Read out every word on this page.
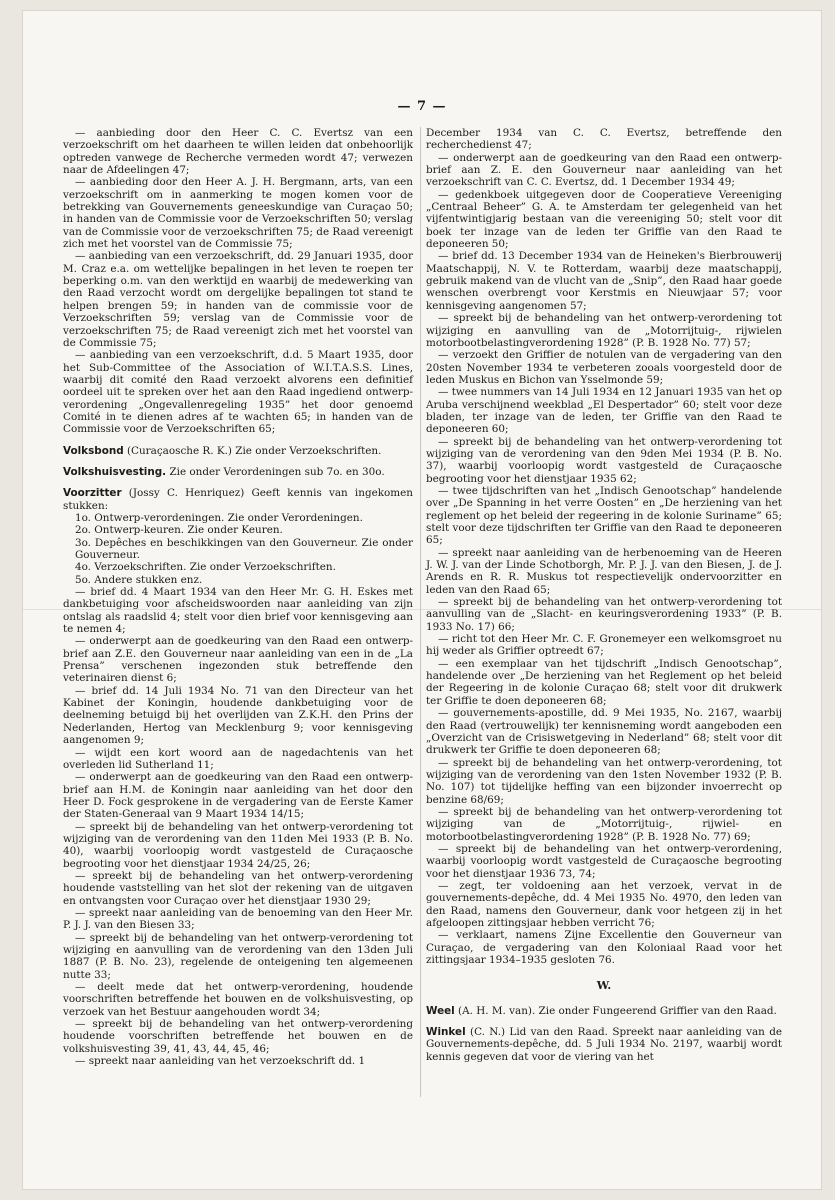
— 7 —

— aanbieding door den Heer C. C. Evertsz van een verzoekschrift om het daarheen te willen leiden dat onbehoorlijk optreden vanwege de Recherche vermeden wordt 47; verwezen naar de Afdeelingen 47;

— aanbieding door den Heer A. J. H. Bergmann, arts, van een verzoekschrift om in aanmerking te mogen komen voor de betrekking van Gouvernements geneeskundige van Curaçao 50; in handen van de Commissie voor de Verzoekschriften 50; verslag van de Commissie voor de verzoekschriften 75; de Raad vereenigt zich met het voorstel van de Commissie 75;

— aanbieding van een verzoekschrift, dd. 29 Januari 1935, door M. Craz e.a. om wettelijke bepalingen in het leven te roepen ter beperking o.m. van den werktijd en waarbij de medewerking van den Raad verzocht wordt om dergelijke bepalingen tot stand te helpen brengen 59; in handen van de commissie voor de Verzoekschriften 59; verslag van de Commissie voor de verzoekschriften 75; de Raad vereenigt zich met het voorstel van de Commissie 75;

— aanbieding van een verzoekschrift, d.d. 5 Maart 1935, door het Sub-Committee of the Association of W.I.T.A.S.S. Lines, waarbij dit comité den Raad verzoekt alvorens een definitief oordeel uit te spreken over het aan den Raad ingediend ontwerp-verordening „Ongevallenregeling 1935” het door genoemd Comité in te dienen adres af te wachten 65; in handen van de Commissie voor de Verzoekschriften 65;

Volksbond (Curaçaosche R. K.) Zie onder Verzoekschriften.

Volkshuisvesting. Zie onder Verordeningen sub 7o. en 30o.

Voorzitter (Jossy C. Henriquez) Geeft kennis van ingekomen stukken:

1o. Ontwerp-verordeningen. Zie onder Verordeningen.

2o. Ontwerp-keuren. Zie onder Keuren.

3o. Depêches en beschikkingen van den Gouverneur. Zie onder Gouverneur.

4o. Verzoekschriften. Zie onder Verzoekschriften.

5o. Andere stukken enz.

— brief dd. 4 Maart 1934 van den Heer Mr. G. H. Eskes met dankbetuiging voor afscheidswoorden naar aanleiding van zijn ontslag als raadslid 4; stelt voor dien brief voor kennisgeving aan te nemen 4;

— onderwerpt aan de goedkeuring van den Raad een ontwerp-brief aan Z.E. den Gouverneur naar aanleiding van een in de „La Prensa” verschenen ingezonden stuk betreffende den veterinairen dienst 6;

— brief dd. 14 Juli 1934 No. 71 van den Directeur van het Kabinet der Koningin, houdende dankbetuiging voor de deelneming betuigd bij het overlijden van Z.K.H. den Prins der Nederlanden, Hertog van Mecklenburg 9; voor kennisgeving aangenomen 9;

— wijdt een kort woord aan de nagedachtenis van het overleden lid Sutherland 11;

— onderwerpt aan de goedkeuring van den Raad een ontwerp-brief aan H.M. de Koningin naar aanleiding van het door den Heer D. Fock gesprokene in de vergadering van de Eerste Kamer der Staten-Generaal van 9 Maart 1934 14/15;

— spreekt bij de behandeling van het ontwerp-verordening tot wijziging van de verordening van den 11den Mei 1933 (P. B. No. 40), waarbij voorloopig wordt vastgesteld de Curaçaosche begrooting voor het dienstjaar 1934 24/25, 26;

— spreekt bij de behandeling van het ontwerp-verordening houdende vaststelling van het slot der rekening van de uitgaven en ontvangsten voor Curaçao over het dienstjaar 1930 29;

— spreekt naar aanleiding van de benoeming van den Heer Mr. P. J. J. van den Biesen 33;

— spreekt bij de behandeling van het ontwerp-verordening tot wijziging en aanvulling van de verordening van den 13den Juli 1887 (P. B. No. 23), regelende de onteigening ten algemeenen nutte 33;

— deelt mede dat het ontwerp-verordening, houdende voorschriften betreffende het bouwen en de volkshuisvesting, op verzoek van het Bestuur aangehouden wordt 34;

— spreekt bij de behandeling van het ontwerp-verordening houdende voorschriften betreffende het bouwen en de volkshuisvesting 39, 41, 43, 44, 45, 46;

— spreekt naar aanleiding van het verzoekschrift dd. 1

December 1934 van C. C. Evertsz, betreffende den recherchedienst 47;

— onderwerpt aan de goedkeuring van den Raad een ontwerp-brief aan Z. E. den Gouverneur naar aanleiding van het verzoekschrift van C. C. Evertsz, dd. 1 December 1934 49;

— gedenkboek uitgegeven door de Cooperatieve Vereeniging „Centraal Beheer” G. A. te Amsterdam ter gelegenheid van het vijfentwintigjarig bestaan van die vereeniging 50; stelt voor dit boek ter inzage van de leden ter Griffie van den Raad te deponeeren 50;

— brief dd. 13 December 1934 van de Heineken's Bierbrouwerij Maatschappij, N. V. te Rotterdam, waarbij deze maatschappij, gebruik makend van de vlucht van de „Snip”, den Raad haar goede wenschen overbrengt voor Kerstmis en Nieuwjaar 57; voor kennisgeving aangenomen 57;

— spreekt bij de behandeling van het ontwerp-verordening tot wijziging en aanvulling van de „Motorrijtuig-, rijwielen motorbootbelastingverordening 1928” (P. B. 1928 No. 77) 57;

— verzoekt den Griffier de notulen van de vergadering van den 20sten November 1934 te verbeteren zooals voorgesteld door de leden Muskus en Bichon van Ysselmonde 59;

— twee nummers van 14 Juli 1934 en 12 Januari 1935 van het op Aruba verschijnend weekblad „El Despertador” 60; stelt voor deze bladen, ter inzage van de leden, ter Griffie van den Raad te deponeeren 60;

— spreekt bij de behandeling van het ontwerp-verordening tot wijziging van de verordening van den 9den Mei 1934 (P. B. No. 37), waarbij voorloopig wordt vastgesteld de Curaçaosche begrooting voor het dienstjaar 1935 62;

— twee tijdschriften van het „Indisch Genootschap” handelende over „De Spanning in het verre Oosten” en „De herziening van het reglement op het beleid der regeering in de kolonie Suriname” 65; stelt voor deze tijdschriften ter Griffie van den Raad te deponeeren 65;

— spreekt naar aanleiding van de herbenoeming van de Heeren J. W. J. van der Linde Schotborgh, Mr. P. J. J. van den Biesen, J. de J. Arends en R. R. Muskus tot respectievelijk ondervoorzitter en leden van den Raad 65;

— spreekt bij de behandeling van het ontwerp-verordening tot aanvulling van de „Slacht- en keuringsverordening 1933” (P. B. 1933 No. 17) 66;

— richt tot den Heer Mr. C. F. Gronemeyer een welkomsgroet nu hij weder als Griffier optreedt 67;

— een exemplaar van het tijdschrift „Indisch Genootschap”, handelende over „De herziening van het Reglement op het beleid der Regeering in de kolonie Curaçao 68; stelt voor dit drukwerk ter Griffie te doen deponeeren 68;

— gouvernements-apostille, dd. 9 Mei 1935, No. 2167, waarbij den Raad (vertrouwelijk) ter kennisneming wordt aangeboden een „Overzicht van de Crisiswetgeving in Nederland” 68; stelt voor dit drukwerk ter Griffie te doen deponeeren 68;

— spreekt bij de behandeling van het ontwerp-verordening, tot wijziging van de verordening van den 1sten November 1932 (P. B. No. 107) tot tijdelijke heffing van een bijzonder invoerrecht op benzine 68/69;

— spreekt bij de behandeling van het ontwerp-verordening tot wijziging van de „Motorrijtuig-, rijwiel- en motorbootbelastingverordening 1928” (P. B. 1928 No. 77) 69;

— spreekt bij de behandeling van het ontwerp-verordening, waarbij voorloopig wordt vastgesteld de Curaçaosche begrooting voor het dienstjaar 1936 73, 74;

— zegt, ter voldoening aan het verzoek, vervat in de gouvernements-depêche, dd. 4 Mei 1935 No. 4970, den leden van den Raad, namens den Gouverneur, dank voor hetgeen zij in het afgeloopen zittingsjaar hebben verricht 76;

— verklaart, namens Zijne Excellentie den Gouverneur van Curaçao, de vergadering van den Koloniaal Raad voor het zittingsjaar 1934–1935 gesloten 76.

W.

Weel (A. H. M. van). Zie onder Fungeerend Griffier van den Raad.

Winkel (C. N.) Lid van den Raad. Spreekt naar aanleiding van de Gouvernements-depêche, dd. 5 Juli 1934 No. 2197, waarbij wordt kennis gegeven dat voor de viering van het
